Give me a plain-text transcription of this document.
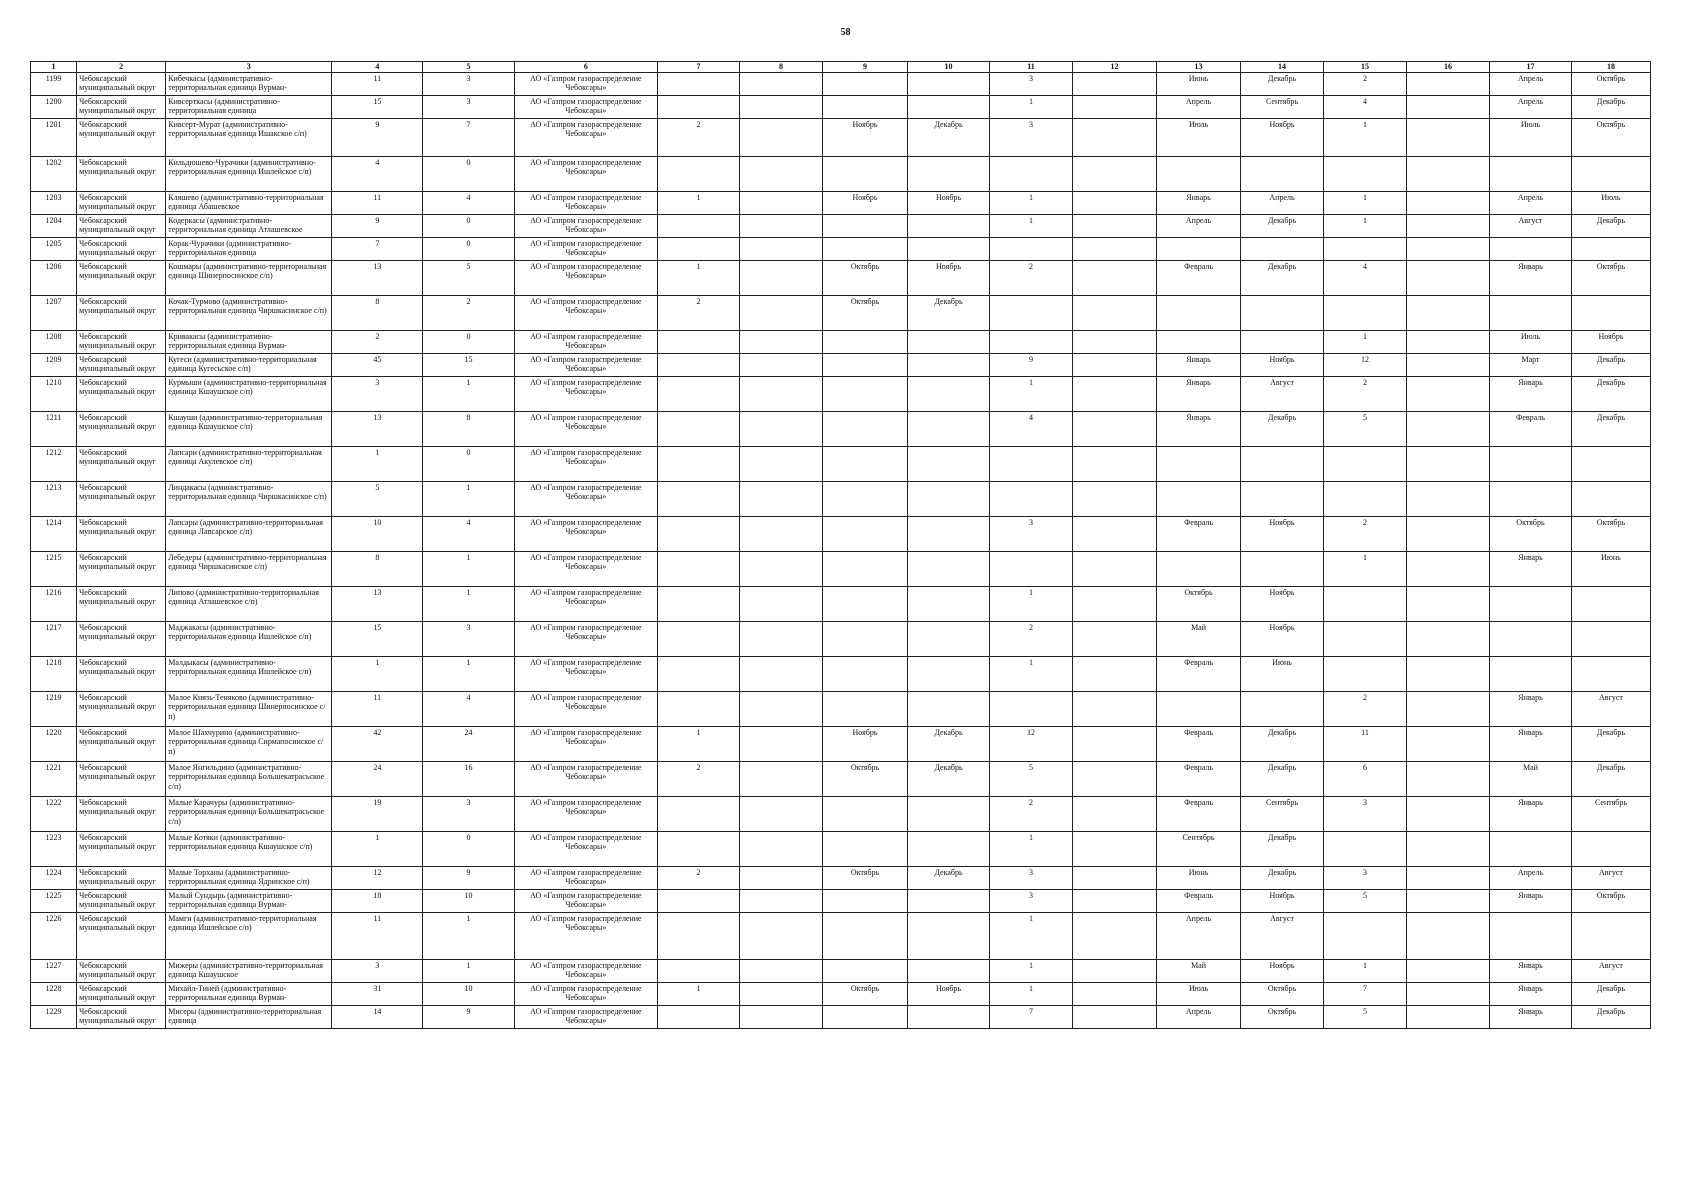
58
1	2	3	4	5	6	7	8	9	10	11	12	13	14	15	16	17	18
1199	Чебоксарский муниципальный округ	Кибечкасы (административно-территориальная единица Вурман-	11	3	АО «Газпром газораспределение Чебоксары»					3		Июнь	Декабрь	2		Апрель	Октябрь
1200	Чебоксарский муниципальный округ	Кивсерткасы (административно-территориальная единица	15	3	АО «Газпром газораспределение Чебоксары»					1		Апрель	Сентябрь	4		Апрель	Декабрь
1201	Чебоксарский муниципальный округ	Кивсерт-Мурат (административно-территориальная единица Ишакское с/п)	9	7	АО «Газпром газораспределение Чебоксары»	2		Ноябрь	Декабрь	3		Июль	Ноябрь	1		Июль	Октябрь
1202	Чебоксарский муниципальный округ	Кильдюшево-Чурачики (административно-территориальная единица Ишлейское с/п)	4	0	АО «Газпром газораспределение Чебоксары»												
1203	Чебоксарский муниципальный округ	Кляшево (административно-территориальная единица Абашевское	11	4	АО «Газпром газораспределение Чебоксары»	1		Ноябрь	Ноябрь	1		Январь	Апрель	1		Апрель	Июль
1204	Чебоксарский муниципальный округ	Кодеркасы (административно-территориальная единица Атлашевское	9	0	АО «Газпром газораспределение Чебоксары»					1		Апрель	Декабрь	1		Август	Декабрь
1205	Чебоксарский муниципальный округ	Корак-Чурачики (административно-территориальная единица	7	0	АО «Газпром газораспределение Чебоксары»												
1206	Чебоксарский муниципальный округ	Кошмары (административно-территориальная единица Шинерпосинское с/п)	13	5	АО «Газпром газораспределение Чебоксары»	1		Октябрь	Ноябрь	2		Февраль	Декабрь	4		Январь	Октябрь
1207	Чебоксарский муниципальный округ	Кочак-Турмово (административно-территориальная единица Чиршкасинское с/п)	8	2	АО «Газпром газораспределение Чебоксары»	2		Октябрь	Декабрь								
1208	Чебоксарский муниципальный округ	Кривакасы (административно-территориальная единица Вурман-	2	0	АО «Газпром газораспределение Чебоксары»									1		Июль	Ноябрь
1209	Чебоксарский муниципальный округ	Кугеси (административно-территориальная единица Кугесьское с/п)	45	15	АО «Газпром газораспределение Чебоксары»					9		Январь	Ноябрь	12		Март	Декабрь
1210	Чебоксарский муниципальный округ	Курмыши (административно-территориальная единица Кшаушское с/п)	3	1	АО «Газпром газораспределение Чебоксары»					1		Январь	Август	2		Январь	Декабрь
1211	Чебоксарский муниципальный округ	Кшауши (административно-территориальная единица Кшаушское с/п)	13	8	АО «Газпром газораспределение Чебоксары»					4		Январь	Декабрь	5		Февраль	Декабрь
1212	Чебоксарский муниципальный округ	Лапсари (административно-территориальная единица Акулевское с/п)	1	0	АО «Газпром газораспределение Чебоксары»												
1213	Чебоксарский муниципальный округ	Линдакасы (административно-территориальная единица Чиршкасинское с/п)	5	1	АО «Газпром газораспределение Чебоксары»												
1214	Чебоксарский муниципальный округ	Лапсары (административно-территориальная единица Лапсарское с/п)	10	4	АО «Газпром газораспределение Чебоксары»					3		Февраль	Ноябрь	2		Октябрь	Октябрь
1215	Чебоксарский муниципальный округ	Лебедеры (административно-территориальная единица Чиршкасинское с/п)	8	1	АО «Газпром газораспределение Чебоксары»									1		Январь	Июнь
1216	Чебоксарский муниципальный округ	Липово (административно-территориальная единица Атлашевское с/п)	13	1	АО «Газпром газораспределение Чебоксары»					1		Октябрь	Ноябрь				
1217	Чебоксарский муниципальный округ	Маджакасы (административно-территориальная единица Ишлейское с/п)	15	3	АО «Газпром газораспределение Чебоксары»					2		Май	Ноябрь				
1218	Чебоксарский муниципальный округ	Малдыкасы (административно-территориальная единица Ишлейское с/п)	1	1	АО «Газпром газораспределение Чебоксары»					1		Февраль	Июнь				
1219	Чебоксарский муниципальный округ	Малое Князь-Теняково (административно-территориальная единица Шинерпосинское с/п)	11	4	АО «Газпром газораспределение Чебоксары»									2		Январь	Август
1220	Чебоксарский муниципальный округ	Малое Шахчурино (административно-территориальная единица Сирмапосинское с/п)	42	24	АО «Газпром газораспределение Чебоксары»	1		Ноябрь	Декабрь	12		Февраль	Декабрь	11		Январь	Декабрь
1221	Чебоксарский муниципальный округ	Малое Янгильдино (административно-территориальная единица Большекатрасьское с/п)	24	16	АО «Газпром газораспределение Чебоксары»	2		Октябрь	Декабрь	5		Февраль	Декабрь	6		Май	Декабрь
1222	Чебоксарский муниципальный округ	Малые Карачуры (административно-территориальная единица Большекатрасьское с/п)	19	3	АО «Газпром газораспределение Чебоксары»					2		Февраль	Сентябрь	3		Январь	Сентябрь
1223	Чебоксарский муниципальный округ	Малые Котяки (административно-территориальная единица Кшаушское с/п)	1	0	АО «Газпром газораспределение Чебоксары»					1		Сентябрь	Декабрь				
1224	Чебоксарский муниципальный округ	Малые Торханы (административно-территориальная единица Ядринское с/п)	12	9	АО «Газпром газораспределение Чебоксары»	2		Октябрь	Декабрь	3		Июнь	Декабрь	3		Апрель	Август
1225	Чебоксарский муниципальный округ	Малый Сундырь (административно-территориальная единица Вурман-	18	10	АО «Газпром газораспределение Чебоксары»					3		Февраль	Ноябрь	5		Январь	Октябрь
1226	Чебоксарский муниципальный округ	Мамги (административно-территориальная единица Ишлейское с/п)	11	1	АО «Газпром газораспределение Чебоксары»					1		Апрель	Август				
1227	Чебоксарский муниципальный округ	Мижеры (административно-территориальная единица Кшаушское	3	1	АО «Газпром газораспределение Чебоксары»					1		Май	Ноябрь	1		Январь	Август
1228	Чебоксарский муниципальный округ	Михайл-Тиней (административно-территориальная единица Вурман-	31	10	АО «Газпром газораспределение Чебоксары»	1		Октябрь	Ноябрь	1		Июль	Октябрь	7		Январь	Декабрь
1229	Чебоксарский муниципальный округ	Мисеры (административно-территориальная единица	14	9	АО «Газпром газораспределение Чебоксары»					7		Апрель	Октябрь	5		Январь	Декабрь
